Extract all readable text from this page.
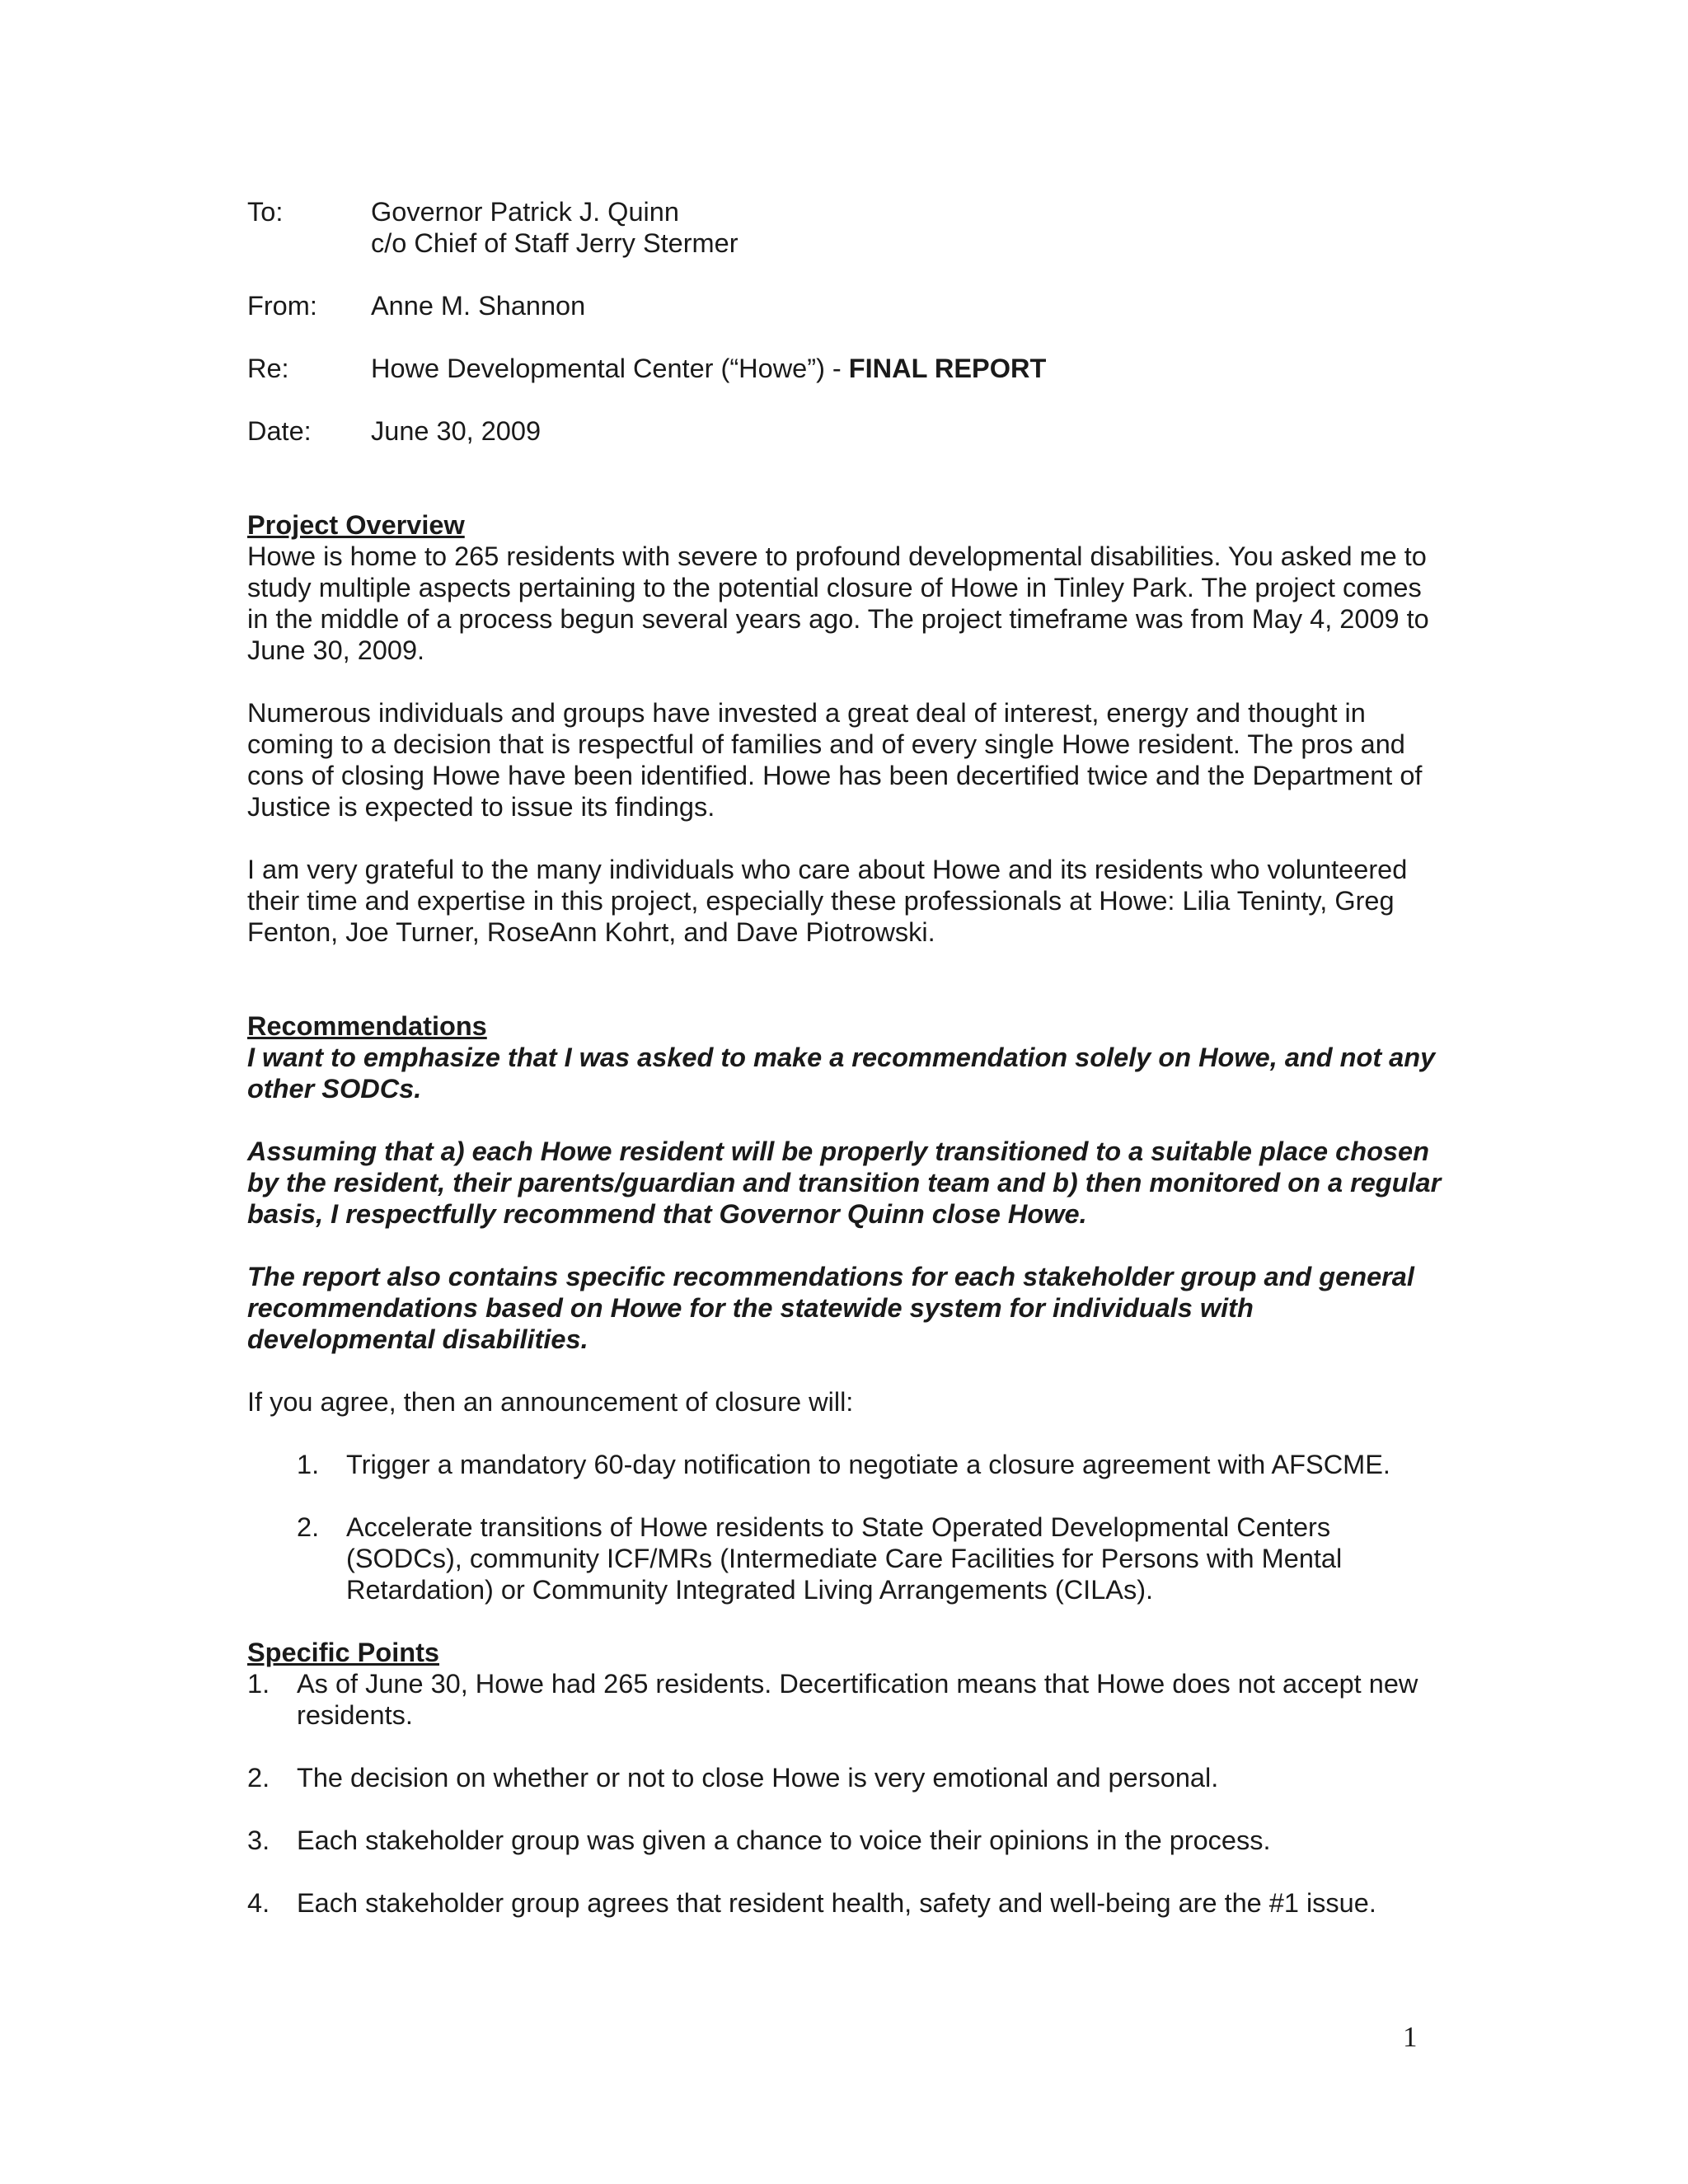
To:	Governor Patrick J. Quinn
c/o Chief of Staff Jerry Stermer
From:	Anne M. Shannon
Re:	Howe Developmental Center (“Howe”) - FINAL REPORT
Date:	June 30, 2009
Project Overview

Howe is home to 265 residents with severe to profound developmental disabilities. You asked me to study multiple aspects pertaining to the potential closure of Howe in Tinley Park. The project comes in the middle of a process begun several years ago. The project timeframe was from May 4, 2009 to June 30, 2009.

Numerous individuals and groups have invested a great deal of interest, energy and thought in coming to a decision that is respectful of families and of every single Howe resident. The pros and cons of closing Howe have been identified. Howe has been decertified twice and the Department of Justice is expected to issue its findings.

I am very grateful to the many individuals who care about Howe and its residents who volunteered their time and expertise in this project, especially these professionals at Howe: Lilia Teninty, Greg Fenton, Joe Turner, RoseAnn Kohrt, and Dave Piotrowski.

Recommendations

I want to emphasize that I was asked to make a recommendation solely on Howe, and not any other SODCs.

Assuming that a) each Howe resident will be properly transitioned to a suitable place chosen by the resident, their parents/guardian and transition team and b) then monitored on a regular basis, I respectfully recommend that Governor Quinn close Howe.

The report also contains specific recommendations for each stakeholder group and general recommendations based on Howe for the statewide system for individuals with developmental disabilities.

If you agree, then an announcement of closure will:

1.	Trigger a mandatory 60-day notification to negotiate a closure agreement with AFSCME.
2.	Accelerate transitions of Howe residents to State Operated Developmental Centers (SODCs), community ICF/MRs (Intermediate Care Facilities for Persons with Mental Retardation) or Community Integrated Living Arrangements (CILAs).
Specific Points
1.	As of June 30, Howe had 265 residents. Decertification means that Howe does not accept new residents.
2.	The decision on whether or not to close Howe is very emotional and personal.
3.	Each stakeholder group was given a chance to voice their opinions in the process.
4.	Each stakeholder group agrees that resident health, safety and well-being are the #1 issue.
1
